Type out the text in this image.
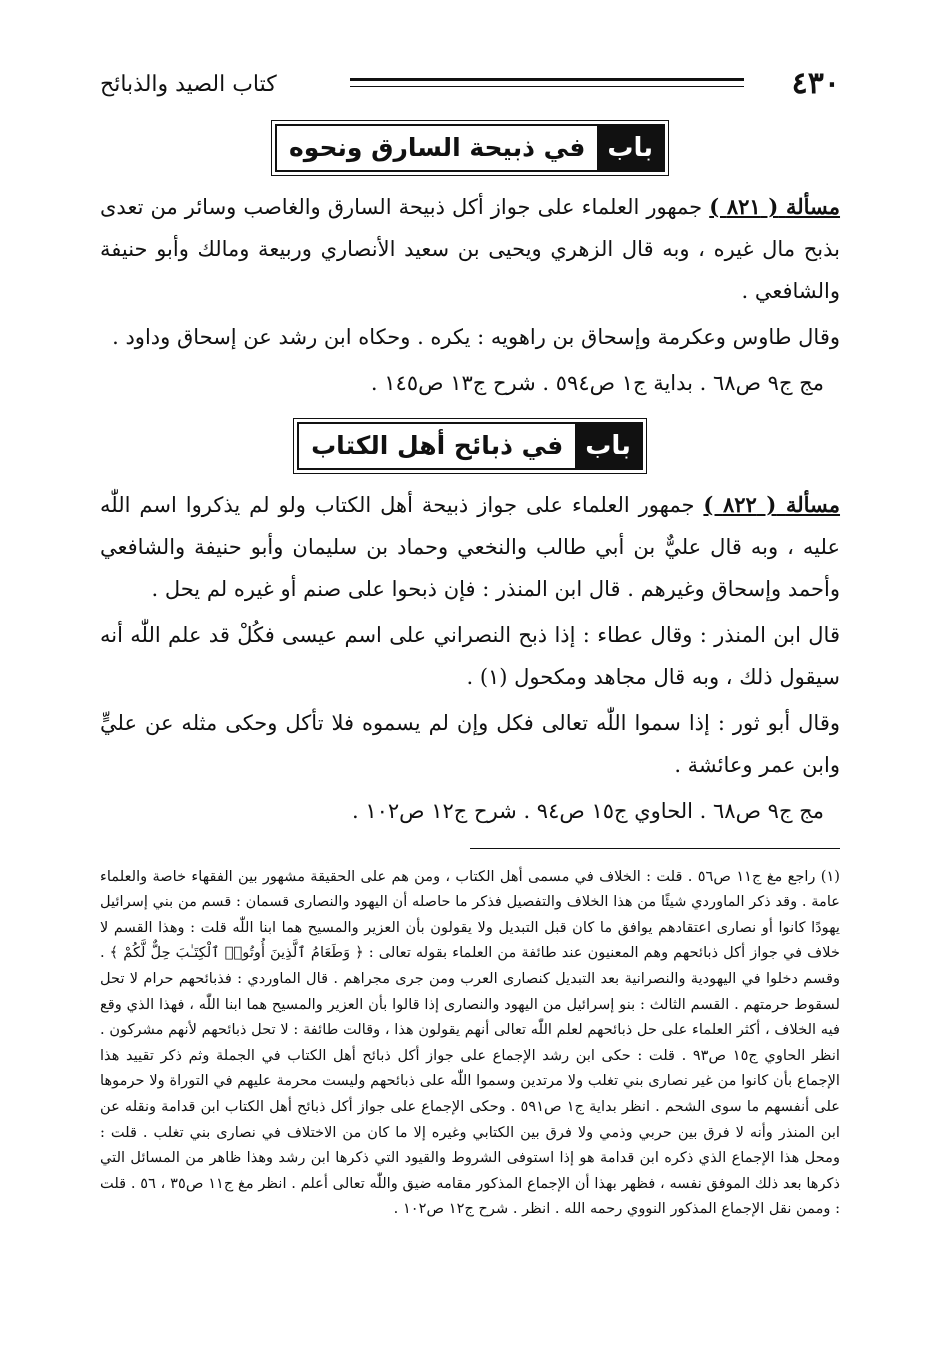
٤٣٠
كتاب الصيد والذبائح
باب
في ذبيحة السارق ونحوه

مسألة ( ٨٢١ ) جمهور العلماء على جواز أكل ذبيحة السارق والغاصب وسائر من تعدى بذبح مال غيره ، وبه قال الزهري ويحيى بن سعيد الأنصاري وربيعة ومالك وأبو حنيفة والشافعي .

وقال طاوس وعكرمة وإسحاق بن راهويه : يكره . وحكاه ابن رشد عن إسحاق وداود .

مج ج٩ ص٦٨ . بداية ج١ ص٥٩٤ . شرح ج١٣ ص١٤٥ .

باب
في ذبائح أهل الكتاب

مسألة ( ٨٢٢ ) جمهور العلماء على جواز ذبيحة أهل الكتاب ولو لم يذكروا اسم اللّٰه عليه ، وبه قال عليٌّ بن أبي طالب والنخعي وحماد بن سليمان وأبو حنيفة والشافعي وأحمد وإسحاق وغيرهم . قال ابن المنذر : فإن ذبحوا على صنم أو غيره لم يحل .

قال ابن المنذر : وقال عطاء : إذا ذبح النصراني على اسم عيسى فكُلْ قد علم اللّٰه أنه سيقول ذلك ، وبه قال مجاهد ومكحول (١) .

وقال أبو ثور : إذا سموا اللّٰه تعالى فكل وإن لم يسموه فلا تأكل وحكى مثله عن عليٍّ وابن عمر وعائشة .

مج ج٩ ص٦٨ . الحاوي ج١٥ ص٩٤ . شرح ج١٢ ص١٠٢ .

(١) راجع مغ ج١١ ص٥٦ . قلت : الخلاف في مسمى أهل الكتاب ، ومن هم على الحقيقة مشهور بين الفقهاء خاصة والعلماء عامة . وقد ذكر الماوردي شيئًا من هذا الخلاف والتفصيل فذكر ما حاصله أن اليهود والنصارى قسمان : قسم من بني إسرائيل يهودًا كانوا أو نصارى اعتقادهم يوافق ما كان قبل التبديل ولا يقولون بأن العزير والمسيح هما ابنا اللّٰه قلت : وهذا القسم لا خلاف في جواز أكل ذبائحهم وهم المعنيون عند طائفة من العلماء بقوله تعالى : ﴿ وَطَعَامُ ٱلَّذِينَ أُوتُوا۟ ٱلْكِتَـٰبَ حِلٌّ لَّكُمْ ﴾ . وقسم دخلوا في اليهودية والنصرانية بعد التبديل كنصارى العرب ومن جرى مجراهم . قال الماوردي : فذبائحهم حرام لا تحل لسقوط حرمتهم . القسم الثالث : بنو إسرائيل من اليهود والنصارى إذا قالوا بأن العزير والمسيح هما ابنا اللّٰه ، فهذا الذي وقع فيه الخلاف ، أكثر العلماء على حل ذبائحهم لعلم اللّٰه تعالى أنهم يقولون هذا ، وقالت طائفة : لا تحل ذبائحهم لأنهم مشركون . انظر الحاوي ج١٥ ص٩٣ . قلت : حكى ابن رشد الإجماع على جواز أكل ذبائح أهل الكتاب في الجملة وثم ذكر تقييد هذا الإجماع بأن كانوا من غير نصارى بني تغلب ولا مرتدين وسموا اللّٰه على ذبائحهم وليست محرمة عليهم في التوراة ولا حرموها على أنفسهم ما سوى الشحم . انظر بداية ج١ ص٥٩١ . وحكى الإجماع على جواز أكل ذبائح أهل الكتاب ابن قدامة ونقله عن ابن المنذر وأنه لا فرق بين حربي وذمي ولا فرق بين الكتابي وغيره إلا ما كان من الاختلاف في نصارى بني تغلب . قلت : ومحل هذا الإجماع الذي ذكره ابن قدامة هو إذا استوفى الشروط والقيود التي ذكرها ابن رشد وهذا ظاهر من المسائل التي ذكرها بعد ذلك الموفق نفسه ، فظهر بهذا أن الإجماع المذكور مقامه ضيق واللّٰه تعالى أعلم . انظر مغ ج١١ ص٣٥ ، ٥٦ . قلت : وممن نقل الإجماع المذكور النووي رحمه الله . انظر . شرح ج١٢ ص١٠٢ .
